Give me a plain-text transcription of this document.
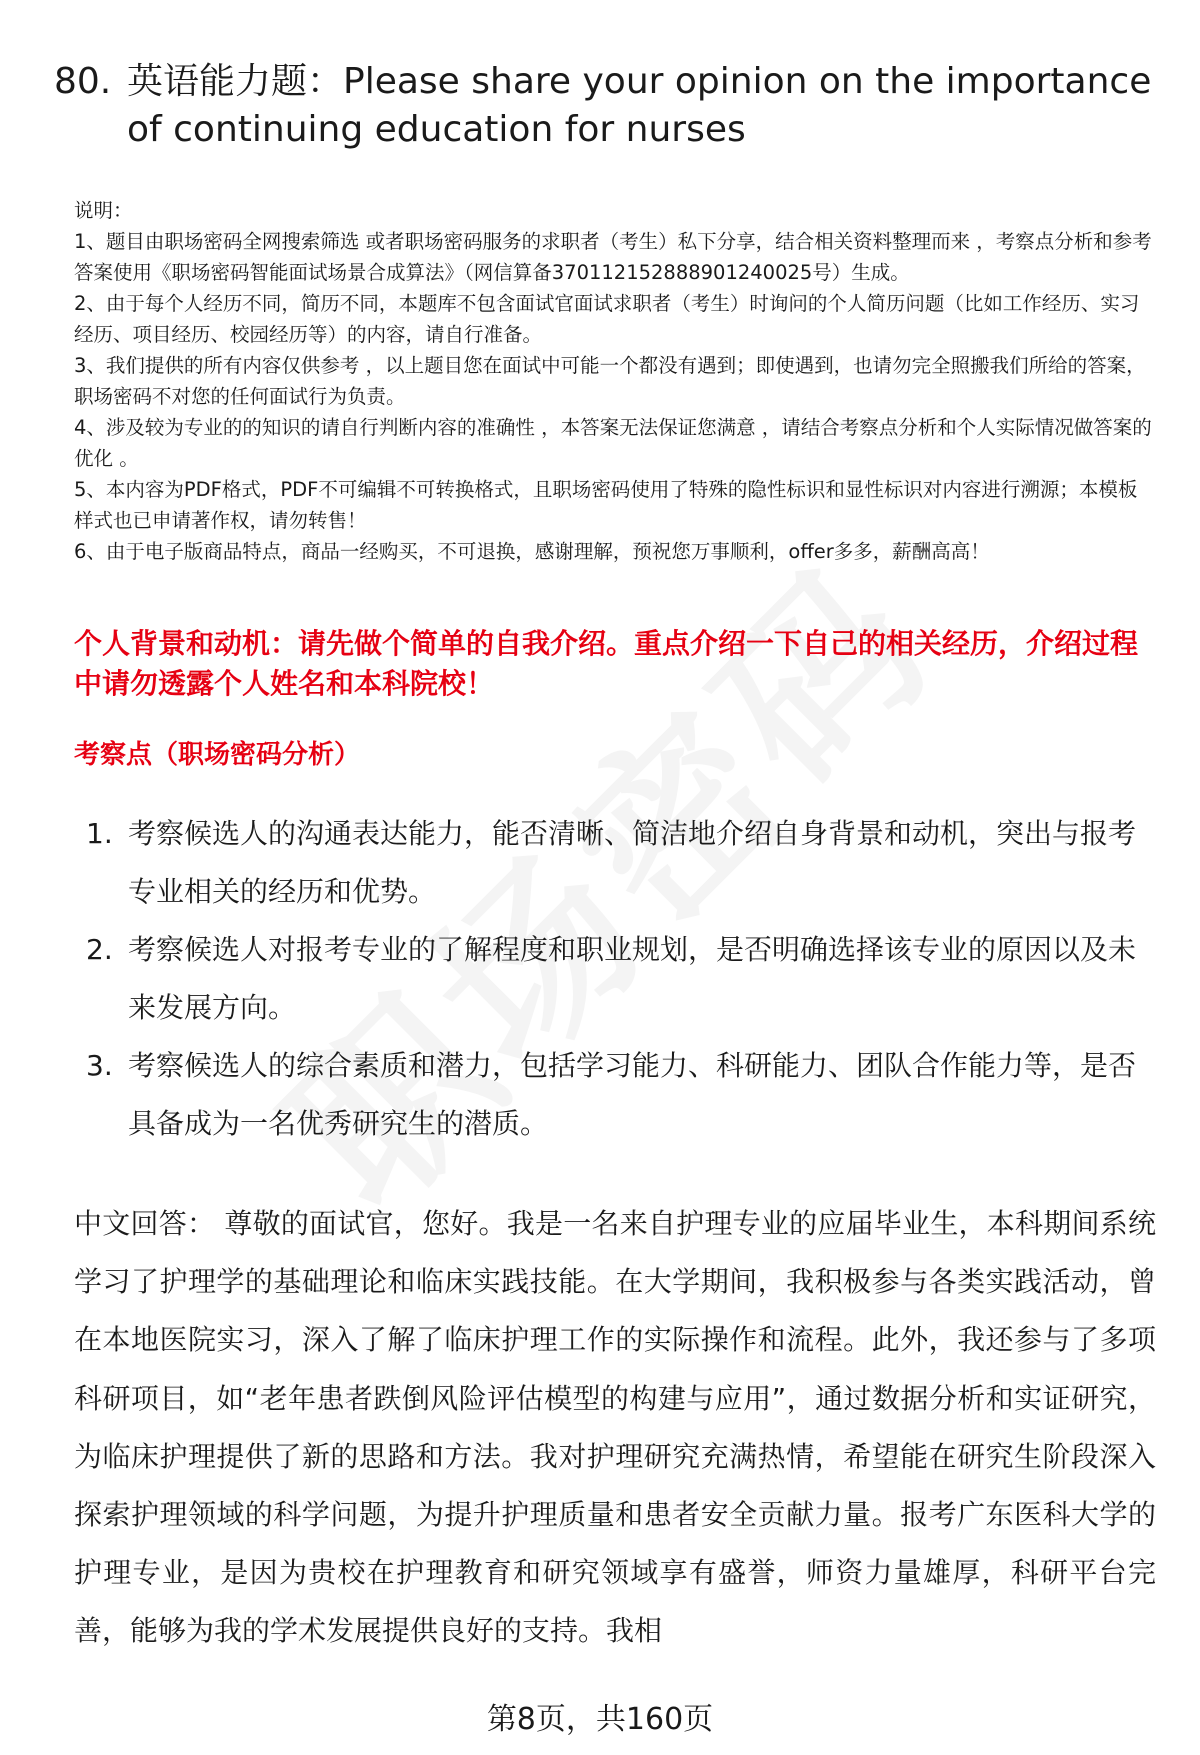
80. 英语能力题：Please share your opinion on the importance of continuing education for nurses

说明：

1、题目由职场密码全网搜索筛选 或者职场密码服务的求职者（考生）私下分享，结合相关资料整理而来 ，考察点分析和参考答案使用《职场密码智能面试场景合成算法》（网信算备370112152888901240025号）生成。

2、由于每个人经历不同，简历不同，本题库不包含面试官面试求职者（考生）时询问的个人简历问题（比如工作经历、实习经历、项目经历、校园经历等）的内容，请自行准备。

3、我们提供的所有内容仅供参考 ，以上题目您在面试中可能一个都没有遇到；即使遇到，也请勿完全照搬我们所给的答案，职场密码不对您的任何面试行为负责。

4、涉及较为专业的的知识的请自行判断内容的准确性 ，本答案无法保证您满意 ，请结合考察点分析和个人实际情况做答案的优化 。

5、本内容为PDF格式，PDF不可编辑不可转换格式，且职场密码使用了特殊的隐性标识和显性标识对内容进行溯源；本模板样式也已申请著作权，请勿转售！

6、由于电子版商品特点，商品一经购买，不可退换，感谢理解，预祝您万事顺利，offer多多，薪酬高高！

个人背景和动机：请先做个简单的自我介绍。重点介绍一下自己的相关经历，介绍过程中请勿透露个人姓名和本科院校！
考察点（职场密码分析）
1. 考察候选人的沟通表达能力，能否清晰、简洁地介绍自身背景和动机，突出与报考专业相关的经历和优势。
2. 考察候选人对报考专业的了解程度和职业规划，是否明确选择该专业的原因以及未来发展方向。
3. 考察候选人的综合素质和潜力，包括学习能力、科研能力、团队合作能力等，是否具备成为一名优秀研究生的潜质。
中文回答： 尊敬的面试官，您好。我是一名来自护理专业的应届毕业生，本科期间系统学习了护理学的基础理论和临床实践技能。在大学期间，我积极参与各类实践活动，曾在本地医院实习，深入了解了临床护理工作的实际操作和流程。此外，我还参与了多项科研项目，如“老年患者跌倒风险评估模型的构建与应用”，通过数据分析和实证研究，为临床护理提供了新的思路和方法。我对护理研究充满热情，希望能在研究生阶段深入探索护理领域的科学问题，为提升护理质量和患者安全贡献力量。报考广东医科大学的护理专业，是因为贵校在护理教育和研究领域享有盛誉，师资力量雄厚，科研平台完善，能够为我的学术发展提供良好的支持。我相
第8页，共160页
